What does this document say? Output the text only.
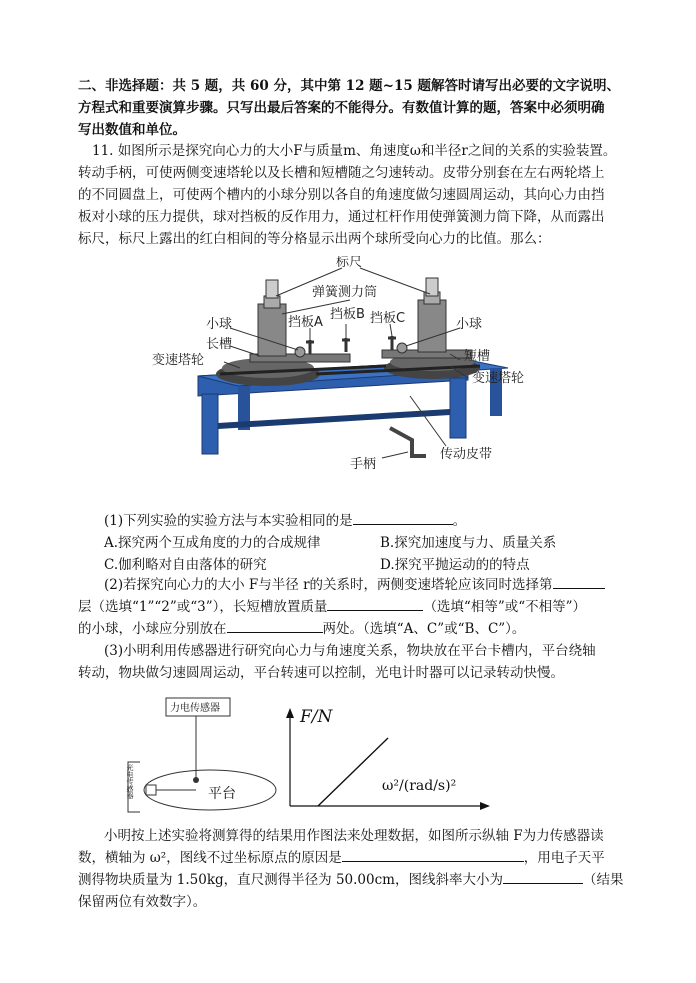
二、非选择题：共 5 题，共 60 分，其中第 12 题~15 题解答时请写出必要的文字说明、
方程式和重要演算步骤。只写出最后答案的不能得分。有数值计算的题，答案中必须明确
写出数值和单位。
11. 如图所示是探究向心力的大小F与质量m、角速度ω和半径r之间的关系的实验装置。
转动手柄，可使两侧变速塔轮以及长槽和短槽随之匀速转动。皮带分别套在左右两轮塔上
的不同圆盘上，可使两个槽内的小球分别以各自的角速度做匀速圆周运动，其向心力由挡
板对小球的压力提供，球对挡板的反作用力，通过杠杆作用使弹簧测力筒下降，从而露出
标尺，标尺上露出的红白相间的等分格显示出两个球所受向心力的比值。那么：
标尺
弹簧测力筒
挡板A
挡板B 挡板C
小球	小球
长槽
短槽
变速塔轮
变速塔轮
传动皮带
手柄
(1)下列实验的实验方法与本实验相同的是	。
A.探究两个互成角度的力的合成规律	B.探究加速度与力、质量关系
C.伽利略对自由落体的研究	D.探究平抛运动的的特点
(2)若探究向心力的大小 F与半径 r的关系时，两侧变速塔轮应该同时选择第
层（选填“1”“2”或“3”），长短槽放置质量	（选填“相等”或“不相等”）
的小球，小球应分别放在	两处。（选填“A、C”或“B、C”）。
(3)小明利用传感器进行研究向心力与角速度关系，物块放在平台卡槽内，平台绕轴
转动，物块做匀速圆周运动，平台转速可以控制，光电计时器可以记录转动快慢。
力电传感器
平台
光电传感器
F/N
ω²/(rad/s)²
小明按上述实验将测算得的结果用作图法来处理数据，如图所示纵轴 F为力传感器读
数，横轴为 ω²，图线不过坐标原点的原因是	，用电子天平
测得物块质量为 1.50kg，直尺测得半径为 50.00cm，图线斜率大小为	（结果
保留两位有效数字）。
